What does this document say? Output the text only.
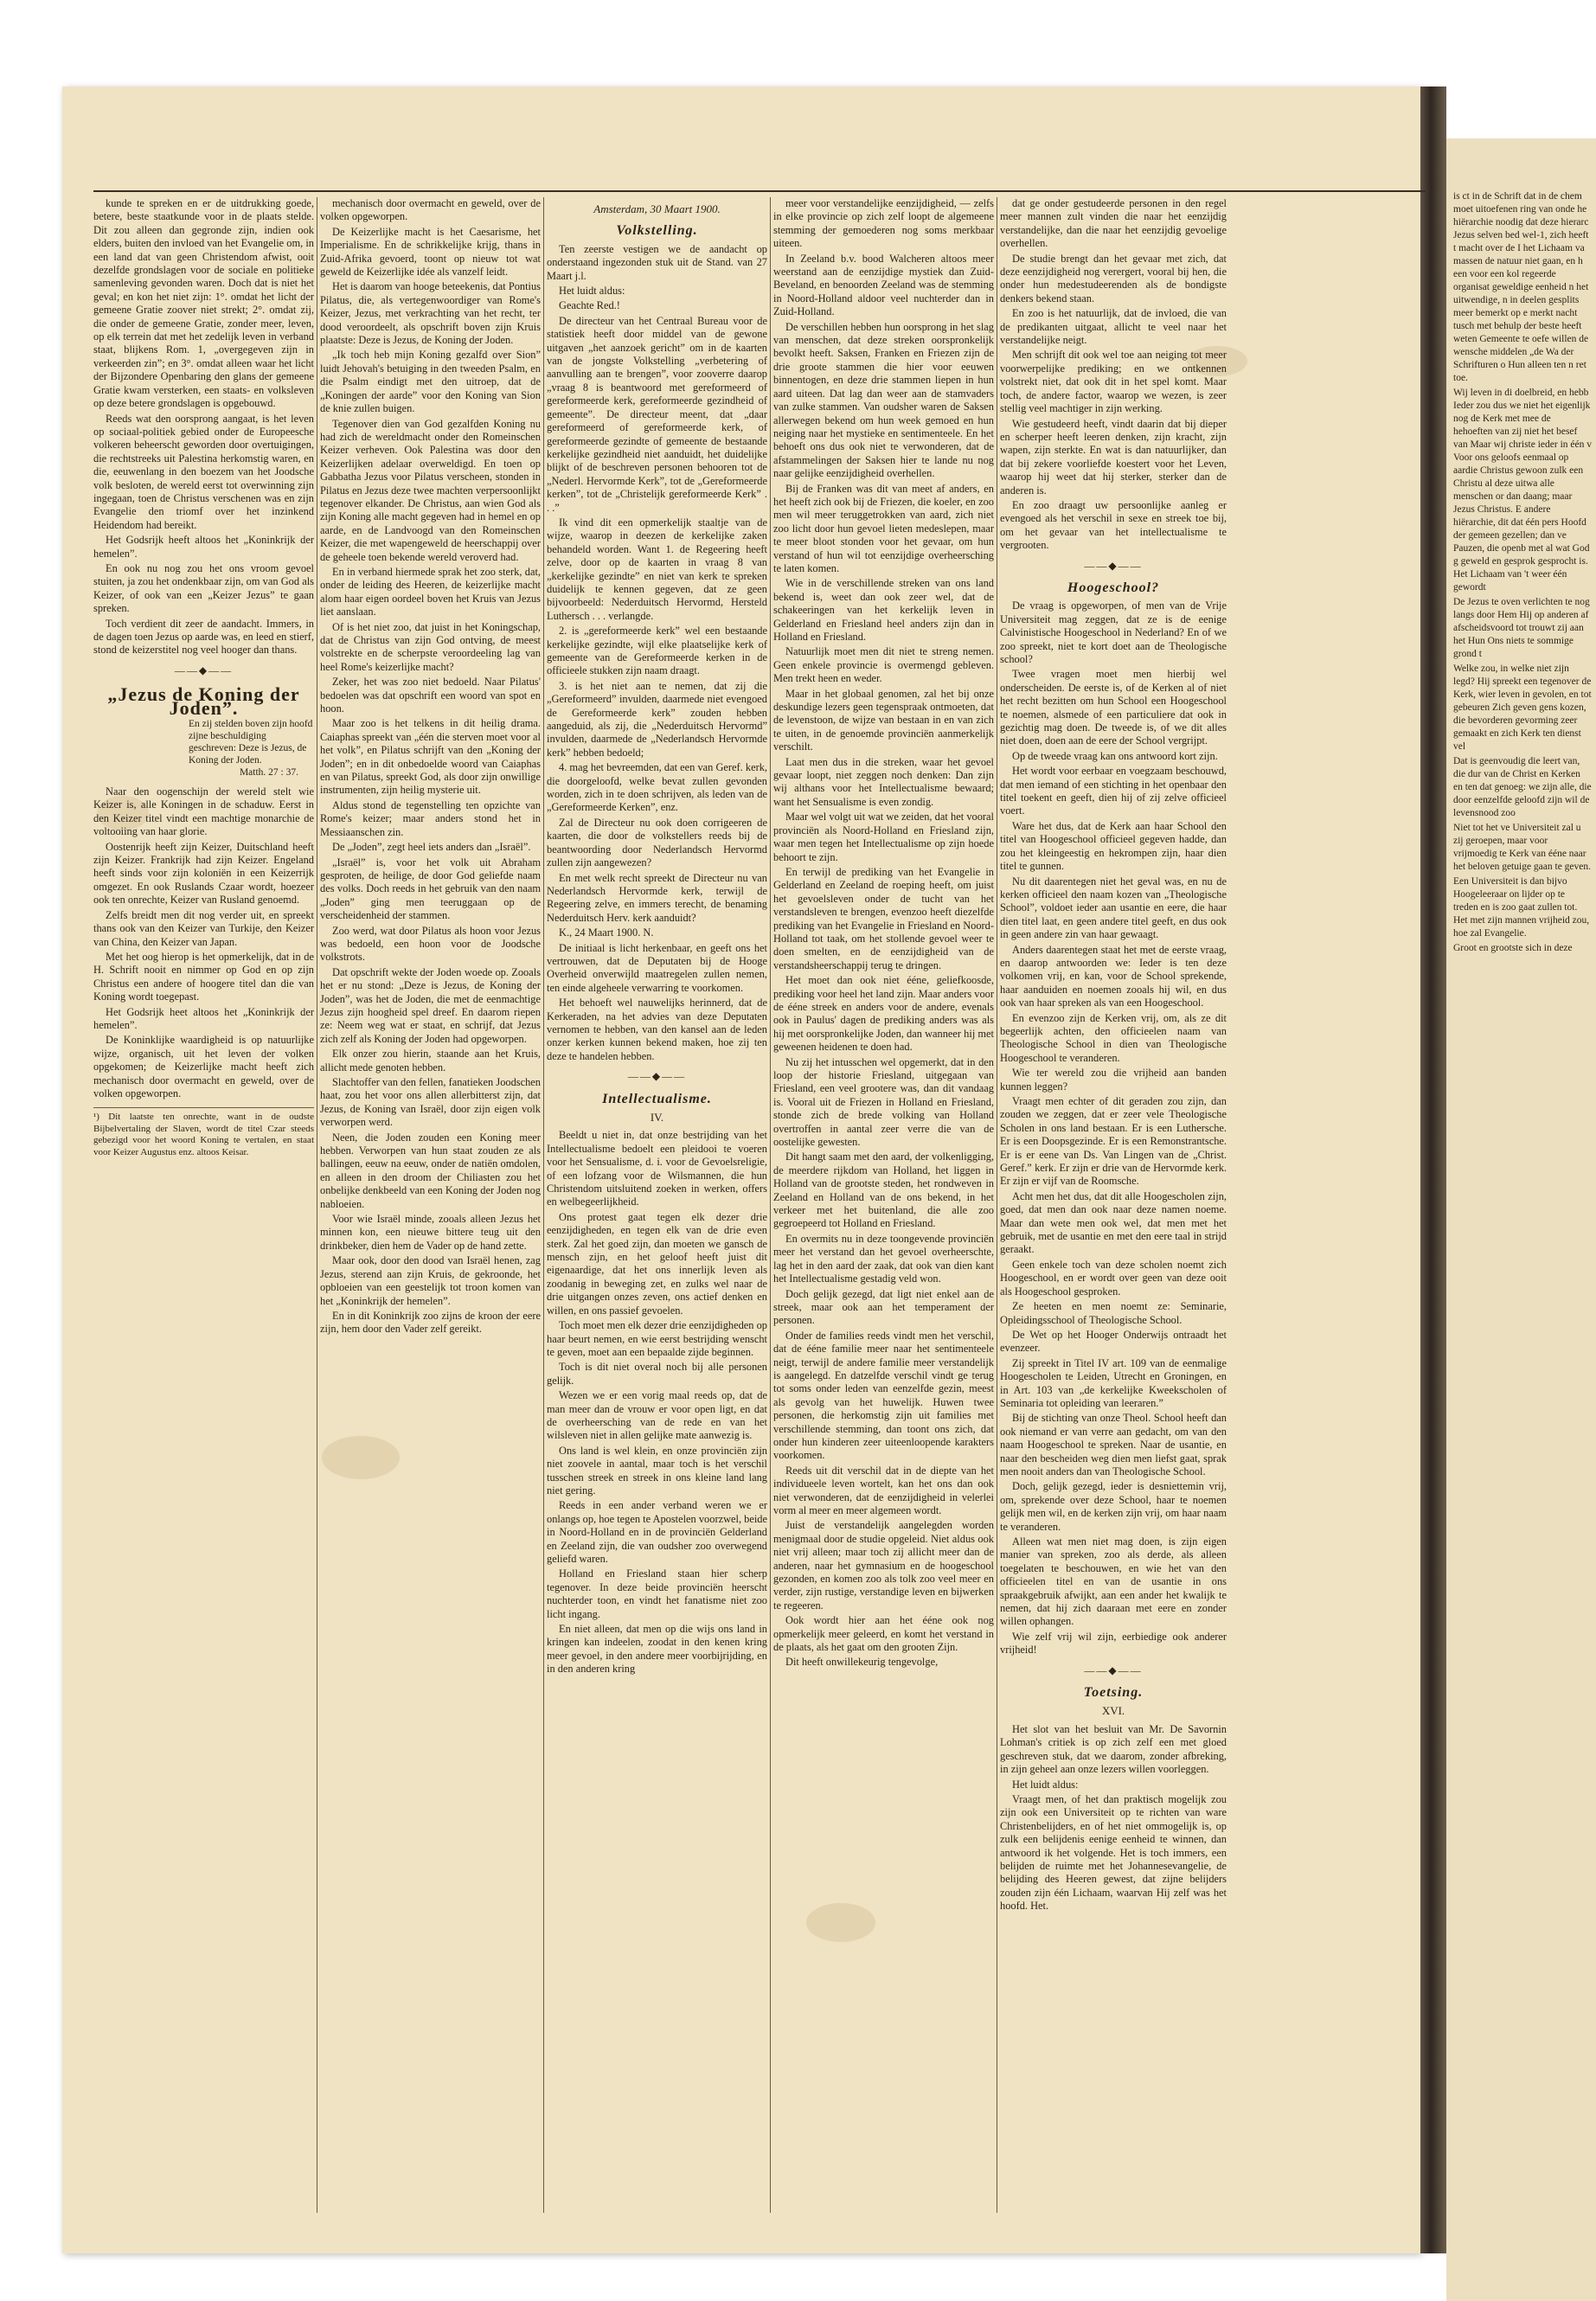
is ct in de Schrift dat in de chem moet uitoefenen ring van onde he hiërarchie noodig dat deze hierarc Jezus selven bed wel-1, zich heeft t macht over de I het Lichaam va massen de natuur niet gaan, en h een voor een kol regeerde organisat geweldige eenheid n het uitwendige, n in deelen gesplits meer bemerkt op e merkt nacht tusch met behulp der beste heeft weten Gemeente te oefe willen de wensche middelen „de Wa der Schrifturen o Hun alleen ten n ret toe.

Wij leven in di doelbreid, en hebb Ieder zou dus we niet het eigenlijk nog de Kerk met mee de hehoeften van zij niet het besef van Maar wij christe ieder in één v Voor ons geloofs eenmaal op aardie Christus gewoon zulk een Christu al deze uitwa alle menschen or dan daang; maar Jezus Christus. E andere hiërarchie, dit dat één pers Hoofd der gemeen gezellen; dan ve Pauzen, die openb met al wat God g geweld en gesprok gesprocht is. Het Lichaam van 't weer één gewordt

De Jezus te oven verlichten te nog langs door Hem Hij op anderen af afscheidsvoord tot trouwt zij aan het Hun Ons niets te sommige grond t

Welke zou, in welke niet zijn legd? Hij spreekt een tegenover de Kerk, wier leven in gevolen, en tot gebeuren Zich geven gens kozen, die bevorderen gevorming zeer gemaakt en zich Kerk ten dienst vel

Dat is geenvoudig die leert van, die dur van de Christ en Kerken en ten dat genoeg: we zijn alle, die door eenzelfde geloofd zijn wil de levensnood zoo

Niet tot het ve Universiteit zal u zij geroepen, maar voor vrijmoedig te Kerk van ééne naar het beloven getuige gaan te geven.

Een Universiteit is dan bijvo Hoogeleeraar on lijder op te treden en is zoo gaat zullen tot. Het met zijn mannen vrijheid zou, hoe zal Evangelie.

Groot en grootste sich in deze

kunde te spreken en er de uitdrukking goede, betere, beste staatkunde voor in de plaats stelde. Dit zou alleen dan gegronde zijn, indien ook elders, buiten den invloed van het Evangelie om, in een land dat van geen Christendom afwist, ooit dezelfde grondslagen voor de sociale en politieke samenleving gevonden waren. Doch dat is niet het geval; en kon het niet zijn: 1°. omdat het licht der gemeene Gratie zoover niet strekt; 2°. omdat zij, die onder de gemeene Gratie, zonder meer, leven, op elk terrein dat met het zedelijk leven in verband staat, blijkens Rom. 1, „overgegeven zijn in verkeerden zin”; en 3°. omdat alleen waar het licht der Bijzondere Openbaring den glans der gemeene Gratie kwam versterken, een staats- en volksleven op deze betere grondslagen is opgebouwd.

Reeds wat den oorsprong aangaat, is het leven op sociaal-politiek gebied onder de Europeesche volkeren beheerscht geworden door overtuigingen, die rechtstreeks uit Palestina herkomstig waren, en die, eeuwenlang in den boezem van het Joodsche volk besloten, de wereld eerst tot overwinning zijn ingegaan, toen de Christus verschenen was en zijn Evangelie den triomf over het inzinkend Heidendom had bereikt.

Het Godsrijk heeft altoos het „Koninkrijk der hemelen”.

En ook nu nog zou het ons vroom gevoel stuiten, ja zou het ondenkbaar zijn, om van God als Keizer, of ook van een „Keizer Jezus” te gaan spreken.

Toch verdient dit zeer de aandacht. Immers, in de dagen toen Jezus op aarde was, en leed en stierf, stond de keizerstitel nog veel hooger dan thans.

——◆——
„Jezus de Koning der Joden”.
En zij stelden boven zijn hoofd zijne beschuldiging geschreven: Deze is Jezus, de Koning der Joden.
Matth. 27 : 37.

Naar den oogenschijn der wereld stelt wie Keizer is, alle Koningen in de schaduw. Eerst in den Keizer titel vindt een machtige monarchie de voltooiing van haar glorie.

Oostenrijk heeft zijn Keizer, Duitschland heeft zijn Keizer. Frankrijk had zijn Keizer. Engeland heeft sinds voor zijn koloniën in een Keizerrijk omgezet. En ook Ruslands Czaar wordt, hoezeer ook ten onrechte, Keizer van Rusland genoemd.

Zelfs breidt men dit nog verder uit, en spreekt thans ook van den Keizer van Turkije, den Keizer van China, den Keizer van Japan.

Met het oog hierop is het opmerkelijk, dat in de H. Schrift nooit en nimmer op God en op zijn Christus een andere of hoogere titel dan die van Koning wordt toegepast.

Het Godsrijk heet altoos het „Koninkrijk der hemelen”.

De Koninklijke waardigheid is op natuurlijke wijze, organisch, uit het leven der volken opgekomen; de Keizerlijke macht heeft zich mechanisch door overmacht en geweld, over de volken opgeworpen.

¹) Dit laatste ten onrechte, want in de oudste Bijbelvertaling der Slaven, wordt de titel Czar steeds gebezigd voor het woord Koning te vertalen, en staat voor Keizer Augustus enz. altoos Keisar.

mechanisch door overmacht en geweld, over de volken opgeworpen.

De Keizerlijke macht is het Caesarisme, het Imperialisme. En de schrikkelijke krijg, thans in Zuid-Afrika gevoerd, toont op nieuw tot wat geweld de Keizerlijke idée als vanzelf leidt.

Het is daarom van hooge beteekenis, dat Pontius Pilatus, die, als vertegenwoordiger van Rome's Keizer, Jezus, met verkrachting van het recht, ter dood veroordeelt, als opschrift boven zijn Kruis plaatste: Deze is Jezus, de Koning der Joden.

„Ik toch heb mijn Koning gezalfd over Sion” luidt Jehovah's betuiging in den tweeden Psalm, en die Psalm eindigt met den uitroep, dat de „Koningen der aarde” voor den Koning van Sion de knie zullen buigen.

Tegenover dien van God gezalfden Koning nu had zich de wereldmacht onder den Romeinschen Keizer verheven. Ook Palestina was door den Keizerlijken adelaar overweldigd. En toen op Gabbatha Jezus voor Pilatus verscheen, stonden in Pilatus en Jezus deze twee machten verpersoonlijkt tegenover elkander. De Christus, aan wien God als zijn Koning alle macht gegeven had in hemel en op aarde, en de Landvoogd van den Romeinschen Keizer, die met wapengeweld de heerschappij over de geheele toen bekende wereld veroverd had.

En in verband hiermede sprak het zoo sterk, dat, onder de leiding des Heeren, de keizerlijke macht alom haar eigen oordeel boven het Kruis van Jezus liet aanslaan.

Of is het niet zoo, dat juist in het Koningschap, dat de Christus van zijn God ontving, de meest volstrekte en de scherpste veroordeeling lag van heel Rome's keizerlijke macht?

Zeker, het was zoo niet bedoeld. Naar Pilatus' bedoelen was dat opschrift een woord van spot en hoon.

Maar zoo is het telkens in dit heilig drama. Caiaphas spreekt van „één die sterven moet voor al het volk”, en Pilatus schrijft van den „Koning der Joden”; en in dit onbedoelde woord van Caiaphas en van Pilatus, spreekt God, als door zijn onwillige instrumenten, zijn heilig mysterie uit.

Aldus stond de tegenstelling ten opzichte van Rome's keizer; maar anders stond het in Messiaanschen zin.

De „Joden”, zegt heel iets anders dan „Israël”.

„Israël” is, voor het volk uit Abraham gesproten, de heilige, de door God geliefde naam des volks. Doch reeds in het gebruik van den naam „Joden” ging men teeruggaan op de verscheidenheid der stammen.

Zoo werd, wat door Pilatus als hoon voor Jezus was bedoeld, een hoon voor de Joodsche volkstrots.

Dat opschrift wekte der Joden woede op. Zooals het er nu stond: „Deze is Jezus, de Koning der Joden”, was het de Joden, die met de eenmachtige Jezus zijn hoogheid spel dreef. En daarom riepen ze: Neem weg wat er staat, en schrijf, dat Jezus zich zelf als Koning der Joden had opgeworpen.

Elk onzer zou hierin, staande aan het Kruis, allicht mede genoten hebben.

Slachtoffer van den fellen, fanatieken Joodschen haat, zou het voor ons allen allerbitterst zijn, dat Jezus, de Koning van Israël, door zijn eigen volk verworpen werd.

Neen, die Joden zouden een Koning meer hebben. Verworpen van hun staat zouden ze als ballingen, eeuw na eeuw, onder de natiën omdolen, en alleen in den droom der Chiliasten zou het onbelijke denkbeeld van een Koning der Joden nog nabloeien.

Voor wie Israël minde, zooals alleen Jezus het minnen kon, een nieuwe bittere teug uit den drinkbeker, dien hem de Vader op de hand zette.

Maar ook, door den dood van Israël henen, zag Jezus, sterend aan zijn Kruis, de gekroonde, het opbloeien van een geestelijk tot troon komen van het „Koninkrijk der hemelen”.

En in dit Koninkrijk zoo zijns de kroon der eere zijn, hem door den Vader zelf gereikt.

Amsterdam, 30 Maart 1900.
Volkstelling.

Ten zeerste vestigen we de aandacht op onderstaand ingezonden stuk uit de Stand. van 27 Maart j.l.

Het luidt aldus:

Geachte Red.!

De directeur van het Centraal Bureau voor de statistiek heeft door middel van de gewone uitgaven „het aanzoek gericht” om in de kaarten van de jongste Volkstelling „verbetering of aanvulling aan te brengen”, voor zooverre daarop „vraag 8 is beantwoord met gereformeerd of gereformeerde kerk, gereformeerde gezindheid of gemeente”. De directeur meent, dat „daar gereformeerd of gereformeerde kerk, of gereformeerde gezindte of gemeente de bestaande kerkelijke gezindheid niet aanduidt, het duidelijke blijkt of de beschreven personen behooren tot de „Nederl. Hervormde Kerk”, tot de „Gereformeerde kerken”, tot de „Christelijk gereformeerde Kerk” . . .”

Ik vind dit een opmerkelijk staaltje van de wijze, waarop in deezen de kerkelijke zaken behandeld worden. Want 1. de Regeering heeft zelve, door op de kaarten in vraag 8 van „kerkelijke gezindte” en niet van kerk te spreken duidelijk te kennen gegeven, dat ze geen bijvoorbeeld: Nederduitsch Hervormd, Hersteld Luthersch . . . verlangde.

2. is „gereformeerde kerk” wel een bestaande kerkelijke gezindte, wijl elke plaatselijke kerk of gemeente van de Gereformeerde kerken in de officieele stukken zijn naam draagt.

3. is het niet aan te nemen, dat zij die „Gereformeerd” invulden, daarmede niet evengoed de Gereformeerde kerk” zouden hebben aangeduid, als zij, die „Nederduitsch Hervormd” invulden, daarmede de „Nederlandsch Hervormde kerk” hebben bedoeld;

4. mag het bevreemden, dat een van Geref. kerk, die doorgeloofd, welke bevat zullen gevonden worden, zich in te doen schrijven, als leden van de „Gereformeerde Kerken”, enz.

Zal de Directeur nu ook doen corrigeeren de kaarten, die door de volkstellers reeds bij de beantwoording door Nederlandsch Hervormd zullen zijn aangewezen?

En met welk recht spreekt de Directeur nu van Nederlandsch Hervormde kerk, terwijl de Regeering zelve, en immers terecht, de benaming Nederduitsch Herv. kerk aanduidt?

K., 24 Maart 1900. N.

De initiaal is licht herkenbaar, en geeft ons het vertrouwen, dat de Deputaten bij de Hooge Overheid onverwijld maatregelen zullen nemen, ten einde algeheele verwarring te voorkomen.

Het behoeft wel nauwelijks herinnerd, dat de Kerkeraden, na het advies van deze Deputaten vernomen te hebben, van den kansel aan de leden onzer kerken kunnen bekend maken, hoe zij ten deze te handelen hebben.

——◆——
Intellectualisme.
IV.

Beeldt u niet in, dat onze bestrijding van het Intellectualisme bedoelt een pleidooi te voeren voor het Sensualisme, d. i. voor de Gevoelsreligie, of een lofzang voor de Wilsmannen, die hun Christendom uitsluitend zoeken in werken, offers en welbegeerlijkheid.

Ons protest gaat tegen elk dezer drie eenzijdigheden, en tegen elk van de drie even sterk. Zal het goed zijn, dan moeten we gansch de mensch zijn, en het geloof heeft juist dit eigenaardige, dat het ons innerlijk leven als zoodanig in beweging zet, en zulks wel naar de drie uitgangen onzes zeven, ons actief denken en willen, en ons passief gevoelen.

Toch moet men elk dezer drie eenzijdigheden op haar beurt nemen, en wie eerst bestrijding wenscht te geven, moet aan een bepaalde zijde beginnen.

Toch is dit niet overal noch bij alle personen gelijk.

Wezen we er een vorig maal reeds op, dat de man meer dan de vrouw er voor open ligt, en dat de overheersching van de rede en van het wilsleven niet in allen gelijke mate aanwezig is.

Ons land is wel klein, en onze provinciën zijn niet zoovele in aantal, maar toch is het verschil tusschen streek en streek in ons kleine land lang niet gering.

Reeds in een ander verband weren we er onlangs op, hoe tegen te Apostelen voorzwel, beide in Noord-Holland en in de provinciën Gelderland en Zeeland zijn, die van oudsher zoo overwegend geliefd waren.

Holland en Friesland staan hier scherp tegenover. In deze beide provinciën heerscht nuchterder toon, en vindt het fanatisme niet zoo licht ingang.

En niet alleen, dat men op die wijs ons land in kringen kan indeelen, zoodat in den kenen kring meer gevoel, in den andere meer voorbijrijding, en in den anderen kring

meer voor verstandelijke eenzijdigheid, — zelfs in elke provincie op zich zelf loopt de algemeene stemming der gemoederen nog soms merkbaar uiteen.

In Zeeland b.v. bood Walcheren altoos meer weerstand aan de eenzijdige mystiek dan Zuid-Beveland, en benoorden Zeeland was de stemming in Noord-Holland aldoor veel nuchterder dan in Zuid-Holland.

De verschillen hebben hun oorsprong in het slag van menschen, dat deze streken oorspronkelijk bevolkt heeft. Saksen, Franken en Friezen zijn de drie groote stammen die hier voor eeuwen binnentogen, en deze drie stammen liepen in hun aard uiteen. Dat lag dan weer aan de stamvaders van zulke stammen. Van oudsher waren de Saksen allerwegen bekend om hun week gemoed en hun neiging naar het mystieke en sentimenteele. En het behoeft ons dus ook niet te verwonderen, dat de afstammelingen der Saksen hier te lande nu nog naar gelijke eenzijdigheid overhellen.

Bij de Franken was dit van meet af anders, en het heeft zich ook bij de Friezen, die koeler, en zoo men wil meer teruggetrokken van aard, zich niet zoo licht door hun gevoel lieten medeslepen, maar te meer bloot stonden voor het gevaar, om hun verstand of hun wil tot eenzijdige overheersching te laten komen.

Wie in de verschillende streken van ons land bekend is, weet dan ook zeer wel, dat de schakeeringen van het kerkelijk leven in Gelderland en Friesland heel anders zijn dan in Holland en Friesland.

Natuurlijk moet men dit niet te streng nemen. Geen enkele provincie is overmengd gebleven. Men trekt heen en weder.

Maar in het globaal genomen, zal het bij onze deskundige lezers geen tegenspraak ontmoeten, dat de levenstoon, de wijze van bestaan in en van zich te uiten, in de genoemde provinciën aanmerkelijk verschilt.

Laat men dus in die streken, waar het gevoel gevaar loopt, niet zeggen noch denken: Dan zijn wij althans voor het Intellectualisme bewaard; want het Sensualisme is even zondig.

Maar wel volgt uit wat we zeiden, dat het vooral provinciën als Noord-Holland en Friesland zijn, waar men tegen het Intellectualisme op zijn hoede behoort te zijn.

En terwijl de prediking van het Evangelie in Gelderland en Zeeland de roeping heeft, om juist het gevoelsleven onder de tucht van het verstandsleven te brengen, evenzoo heeft diezelfde prediking van het Evangelie in Friesland en Noord-Holland tot taak, om het stollende gevoel weer te doen smelten, en de eenzijdigheid van de verstandsheerschappij terug te dringen.

Het moet dan ook niet ééne, geliefkoosde, prediking voor heel het land zijn. Maar anders voor de ééne streek en anders voor de andere, evenals ook in Paulus' dagen de prediking anders was als hij met oorspronkelijke Joden, dan wanneer hij met geweenen heidenen te doen had.

Nu zij het intusschen wel opgemerkt, dat in den loop der historie Friesland, uitgegaan van Friesland, een veel grootere was, dan dit vandaag is. Vooral uit de Friezen in Holland en Friesland, stonde zich de brede volking van Holland overtroffen in aantal zeer verre die van de oostelijke gewesten.

Dit hangt saam met den aard, der volkenligging, de meerdere rijkdom van Holland, het liggen in Holland van de grootste steden, het rondweven in Zeeland en Holland van de ons bekend, in het verkeer met het buitenland, die alle zoo gegroepeerd tot Holland en Friesland.

En overmits nu in deze toongevende provinciën meer het verstand dan het gevoel overheerschte, lag het in den aard der zaak, dat ook van dien kant het Intellectualisme gestadig veld won.

Doch gelijk gezegd, dat ligt niet enkel aan de streek, maar ook aan het temperament der personen.

Onder de families reeds vindt men het verschil, dat de ééne familie meer naar het sentimenteele neigt, terwijl de andere familie meer verstandelijk is aangelegd. En datzelfde verschil vindt ge terug tot soms onder leden van eenzelfde gezin, meest als gevolg van het huwelijk. Huwen twee personen, die herkomstig zijn uit families met verschillende stemming, dan toont ons zich, dat onder hun kinderen zeer uiteenloopende karakters voorkomen.

Reeds uit dit verschil dat in de diepte van het individueele leven wortelt, kan het ons dan ook niet verwonderen, dat de eenzijdigheid in velerlei vorm al meer en meer algemeen wordt.

Juist de verstandelijk aangelegden worden menigmaal door de studie opgeleid. Niet aldus ook niet vrij alleen; maar toch zij allicht meer dan de anderen, naar het gymnasium en de hoogeschool gezonden, en komen zoo als tolk zoo veel meer en verder, zijn rustige, verstandige leven en bijwerken te regeeren.

Ook wordt hier aan het ééne ook nog opmerkelijk meer geleerd, en komt het verstand in de plaats, als het gaat om den grooten Zijn.

Dit heeft onwillekeurig tengevolge,

dat ge onder gestudeerde personen in den regel meer mannen zult vinden die naar het eenzijdig verstandelijke, dan die naar het eenzijdig gevoelige overhellen.

De studie brengt dan het gevaar met zich, dat deze eenzijdigheid nog verergert, vooral bij hen, die onder hun medestudeerenden als de bondigste denkers bekend staan.

En zoo is het natuurlijk, dat de invloed, die van de predikanten uitgaat, allicht te veel naar het verstandelijke neigt.

Men schrijft dit ook wel toe aan neiging tot meer voorwerpelijke prediking; en we ontkennen volstrekt niet, dat ook dit in het spel komt. Maar toch, de andere factor, waarop we wezen, is zeer stellig veel machtiger in zijn werking.

Wie gestudeerd heeft, vindt daarin dat bij dieper en scherper heeft leeren denken, zijn kracht, zijn wapen, zijn sterkte. En wat is dan natuurlijker, dan dat bij zekere voorliefde koestert voor het Leven, waarop hij weet dat hij sterker, sterker dan de anderen is.

En zoo draagt uw persoonlijke aanleg er evengoed als het verschil in sexe en streek toe bij, om het gevaar van het intellectualisme te vergrooten.

——◆——
Hoogeschool?

De vraag is opgeworpen, of men van de Vrije Universiteit mag zeggen, dat ze is de eenige Calvinistische Hoogeschool in Nederland? En of we zoo spreekt, niet te kort doet aan de Theologische school?

Twee vragen moet men hierbij wel onderscheiden. De eerste is, of de Kerken al of niet het recht bezitten om hun School een Hoogeschool te noemen, alsmede of een particuliere dat ook in gezichtig mag doen. De tweede is, of we dit alles niet doen, doen aan de eere der School vergrijpt.

Op de tweede vraag kan ons antwoord kort zijn.

Het wordt voor eerbaar en voegzaam beschouwd, dat men iemand of een stichting in het openbaar den titel toekent en geeft, dien hij of zij zelve officieel voert.

Ware het dus, dat de Kerk aan haar School den titel van Hoogeschool officieel gegeven hadde, dan zou het kleingeestig en hekrompen zijn, haar dien titel te gunnen.

Nu dit daarentegen niet het geval was, en nu de kerken officieel den naam kozen van „Theologische School”, voldoet ieder aan usantie en eere, die haar dien titel laat, en geen andere titel geeft, en dus ook in geen andere zin van haar gewaagt.

Anders daarentegen staat het met de eerste vraag, en daarop antwoorden we: Ieder is ten deze volkomen vrij, en kan, voor de School sprekende, haar aanduiden en noemen zooals hij wil, en dus ook van haar spreken als van een Hoogeschool.

En evenzoo zijn de Kerken vrij, om, als ze dit begeerlijk achten, den officieelen naam van Theologische School in dien van Theologische Hoogeschool te veranderen.

Wie ter wereld zou die vrijheid aan banden kunnen leggen?

Vraagt men echter of dit geraden zou zijn, dan zouden we zeggen, dat er zeer vele Theologische Scholen in ons land bestaan. Er is een Luthersche. Er is een Doopsgezinde. Er is een Remonstrantsche. Er is er eene van Ds. Van Lingen van de „Christ. Geref.” kerk. Er zijn er drie van de Hervormde kerk. Er zijn er vijf van de Roomsche.

Acht men het dus, dat dit alle Hoogescholen zijn, goed, dat men dan ook naar deze namen noeme. Maar dan wete men ook wel, dat men met het gebruik, met de usantie en met den eere taal in strijd geraakt.

Geen enkele toch van deze scholen noemt zich Hoogeschool, en er wordt over geen van deze ooit als Hoogeschool gesproken.

Ze heeten en men noemt ze: Seminarie, Opleidingsschool of Theologische School.

De Wet op het Hooger Onderwijs ontraadt het evenzeer.

Zij spreekt in Titel IV art. 109 van de eenmalige Hoogescholen te Leiden, Utrecht en Groningen, en in Art. 103 van „de kerkelijke Kweekscholen of Seminaria tot opleiding van leeraren.”

Bij de stichting van onze Theol. School heeft dan ook niemand er van verre aan gedacht, om van den naam Hoogeschool te spreken. Naar de usantie, en naar den bescheiden weg dien men liefst gaat, sprak men nooit anders dan van Theologische School.

Doch, gelijk gezegd, ieder is desniettemin vrij, om, sprekende over deze School, haar te noemen gelijk men wil, en de kerken zijn vrij, om haar naam te veranderen.

Alleen wat men niet mag doen, is zijn eigen manier van spreken, zoo als derde, als alleen toegelaten te beschouwen, en wie het van den officieelen titel en van de usantie in ons spraakgebruik afwijkt, aan een ander het kwalijk te nemen, dat hij zich daaraan met eere en zonder willen ophangen.

Wie zelf vrij wil zijn, eerbiedige ook anderer vrijheid!

——◆——
Toetsing.
XVI.

Het slot van het besluit van Mr. De Savornin Lohman's critiek is op zich zelf een met gloed geschreven stuk, dat we daarom, zonder afbreking, in zijn geheel aan onze lezers willen voorleggen.

Het luidt aldus:

Vraagt men, of het dan praktisch mogelijk zou zijn ook een Universiteit op te richten van ware Christenbelijders, en of het niet ommogelijk is, op zulk een belijdenis eenige eenheid te winnen, dan antwoord ik het volgende. Het is toch immers, een belijden de ruimte met het Johannesevangelie, de belijding des Heeren gewest, dat zijne belijders zouden zijn één Lichaam, waarvan Hij zelf was het hoofd. Het.
